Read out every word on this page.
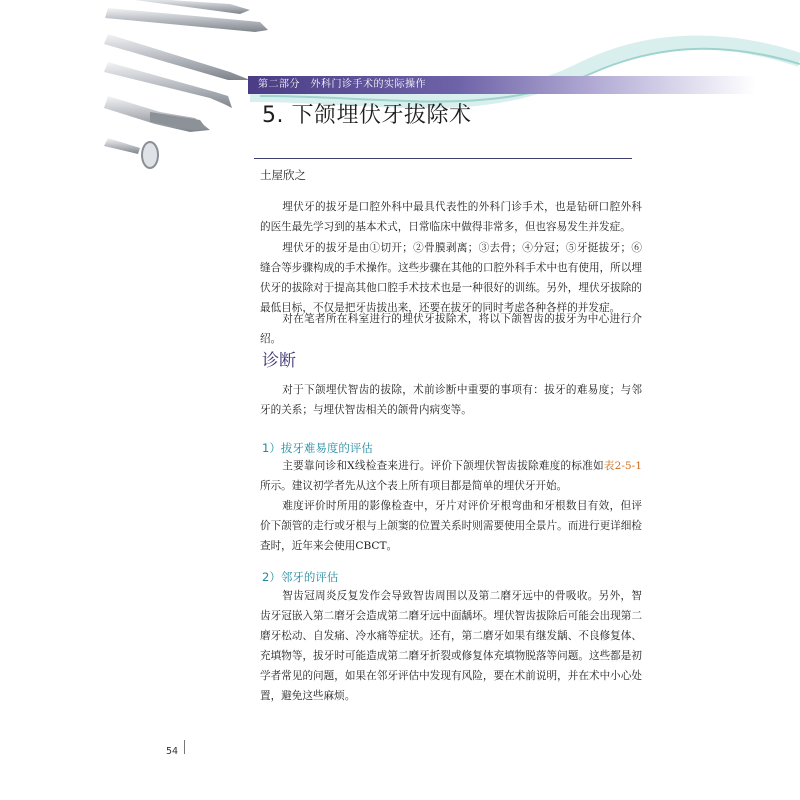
第二部分　外科门诊手术的实际操作
5. 下颌埋伏牙拔除术
土屋欣之

埋伏牙的拔牙是口腔外科中最具代表性的外科门诊手术，也是钻研口腔外科的医生最先学习到的基本术式，日常临床中做得非常多，但也容易发生并发症。

埋伏牙的拔牙是由①切开；②骨膜剥离；③去骨；④分冠；⑤牙挺拔牙；⑥缝合等步骤构成的手术操作。这些步骤在其他的口腔外科手术中也有使用，所以埋伏牙的拔除对于提高其他口腔手术技术也是一种很好的训练。另外，埋伏牙拔除的最低目标，不仅是把牙齿拔出来，还要在拔牙的同时考虑各种各样的并发症。

对在笔者所在科室进行的埋伏牙拔除术，将以下颌智齿的拔牙为中心进行介绍。

诊断

对于下颌埋伏智齿的拔除，术前诊断中重要的事项有：拔牙的难易度；与邻牙的关系；与埋伏智齿相关的颌骨内病变等。

1）拔牙难易度的评估

主要靠问诊和X线检查来进行。评价下颌埋伏智齿拔除难度的标准如表2-5-1所示。建议初学者先从这个表上所有项目都是简单的埋伏牙开始。

难度评价时所用的影像检查中，牙片对评价牙根弯曲和牙根数目有效，但评价下颌管的走行或牙根与上颌窦的位置关系时则需要使用全景片。而进行更详细检查时，近年来会使用CBCT。

2）邻牙的评估

智齿冠周炎反复发作会导致智齿周围以及第二磨牙远中的骨吸收。另外，智齿牙冠嵌入第二磨牙会造成第二磨牙远中面龋坏。埋伏智齿拔除后可能会出现第二磨牙松动、自发痛、冷水痛等症状。还有，第二磨牙如果有继发龋、不良修复体、充填物等，拔牙时可能造成第二磨牙折裂或修复体充填物脱落等问题。这些都是初学者常见的问题，如果在邻牙评估中发现有风险，要在术前说明，并在术中小心处置，避免这些麻烦。

54
